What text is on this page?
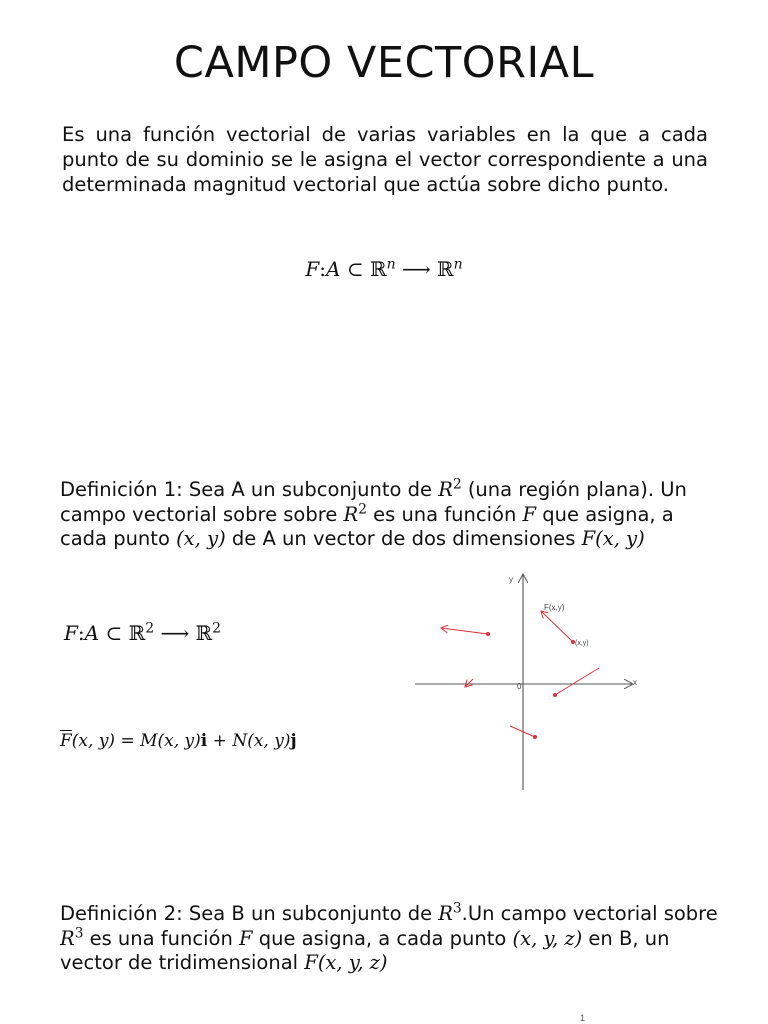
CAMPO VECTORIAL
Es una función vectorial de varias variables en la que a cada punto de su dominio se le asigna el vector correspondiente a una determinada magnitud vectorial que actúa sobre dicho punto.
F:A ⊂ ℝ$^n$ ⟶ ℝ$^n$
Definición 1: Sea A un subconjunto de $R^2$ (una región plana). Un campo vectorial sobre sobre $R^2$ es una función F que asigna, a cada punto (x, y) de A un vector de dos dimensiones F(x, y)
F:A ⊂ ℝ$^2$ ⟶ ℝ$^2$
$\overline{F}(x$, y) = M(x, y)i + N(x, y)j
y
x
0
F(x,y)
(x,y)
Definición 2: Sea B un subconjunto de $R^3.Un$ campo vectorial sobre $R^3$ es una función F que asigna, a cada punto (x, y, z) en B, un vector de tridimensional F(x, y, z)
1
